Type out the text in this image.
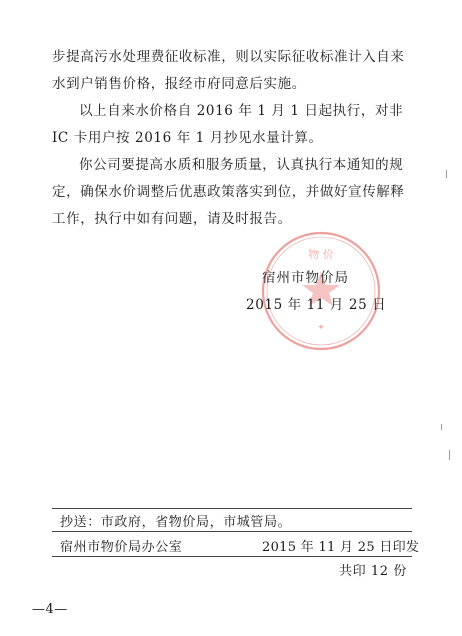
步提高污水处理费征收标准，则以实际征收标准计入自来水到户销售价格，报经市府同意后实施。
以上自来水价格自 2016 年 1 月 1 日起执行，对非 IC 卡用户按 2016 年 1 月抄见水量计算。
你公司要提高水质和服务质量，认真执行本通知的规定，确保水价调整后优惠政策落实到位，并做好宣传解释工作，执行中如有问题，请及时报告。
物 价
✦
宿州市物价局
2015 年 11 月 25 日
抄送：市政府，省物价局，市城管局。
宿州市物价局办公室	2015 年 11 月 25 日印发
共印 12 份
—4—
